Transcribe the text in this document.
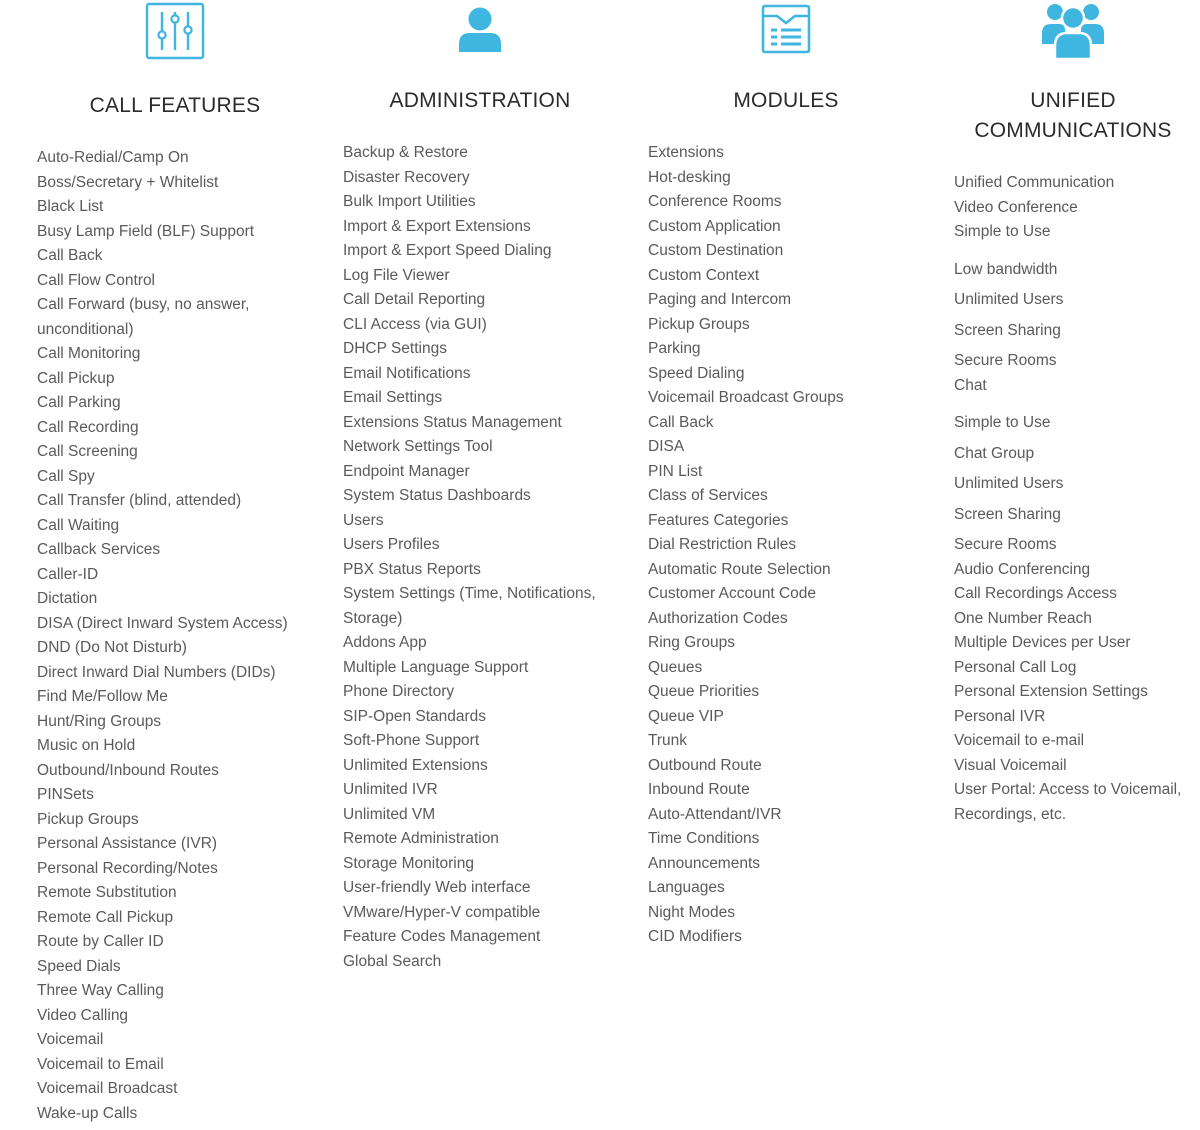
CALL FEATURES
Auto-Redial/Camp On
Boss/Secretary + Whitelist
Black List
Busy Lamp Field (BLF) Support
Call Back
Call Flow Control
Call Forward (busy, no answer,
unconditional)
Call Monitoring
Call Pickup
Call Parking
Call Recording
Call Screening
Call Spy
Call Transfer (blind, attended)
Call Waiting
Callback Services
Caller-ID
Dictation
DISA (Direct Inward System Access)
DND (Do Not Disturb)
Direct Inward Dial Numbers (DIDs)
Find Me/Follow Me
Hunt/Ring Groups
Music on Hold
Outbound/Inbound Routes
PINSets
Pickup Groups
Personal Assistance (IVR)
Personal Recording/Notes
Remote Substitution
Remote Call Pickup
Route by Caller ID
Speed Dials
Three Way Calling
Video Calling
Voicemail
Voicemail to Email
Voicemail Broadcast
Wake-up Calls
ADMINISTRATION
Backup & Restore
Disaster Recovery
Bulk Import Utilities
Import & Export Extensions
Import & Export Speed Dialing
Log File Viewer
Call Detail Reporting
CLI Access (via GUI)
DHCP Settings
Email Notifications
Email Settings
Extensions Status Management
Network Settings Tool
Endpoint Manager
System Status Dashboards
Users
Users Profiles
PBX Status Reports
System Settings (Time, Notifications,
Storage)
Addons App
Multiple Language Support
Phone Directory
SIP-Open Standards
Soft-Phone Support
Unlimited Extensions
Unlimited IVR
Unlimited VM
Remote Administration
Storage Monitoring
User-friendly Web interface
VMware/Hyper-V compatible
Feature Codes Management
Global Search
MODULES
Extensions
Hot-desking
Conference Rooms
Custom Application
Custom Destination
Custom Context
Paging and Intercom
Pickup Groups
Parking
Speed Dialing
Voicemail Broadcast Groups
Call Back
DISA
PIN List
Class of Services
Features Categories
Dial Restriction Rules
Automatic Route Selection
Customer Account Code
Authorization Codes
Ring Groups
Queues
Queue Priorities
Queue VIP
Trunk
Outbound Route
Inbound Route
Auto-Attendant/IVR
Time Conditions
Announcements
Languages
Night Modes
CID Modifiers
UNIFIED
COMMUNICATIONS
Unified Communication
Video Conference
Simple to Use
Low bandwidth
Unlimited Users
Screen Sharing
Secure Rooms
Chat
Simple to Use
Chat Group
Unlimited Users
Screen Sharing
Secure Rooms
Audio Conferencing
Call Recordings Access
One Number Reach
Multiple Devices per User
Personal Call Log
Personal Extension Settings
Personal IVR
Voicemail to e-mail
Visual Voicemail
User Portal: Access to Voicemail,
Recordings, etc.
